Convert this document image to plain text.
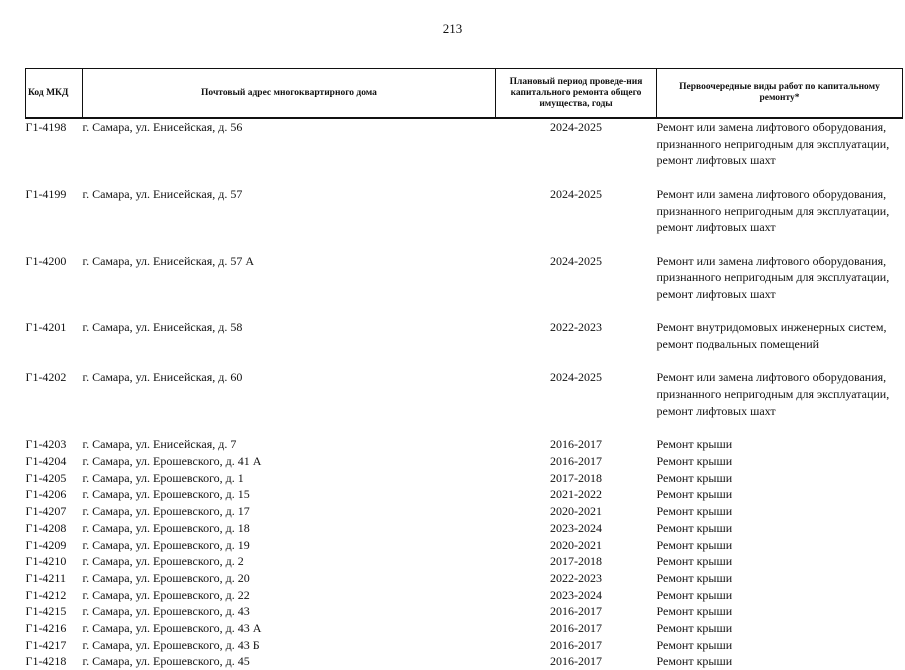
213
Код МКД	Почтовый адрес многоквартирного дома	Плановый период проведе-ния капитального ремонта общего имущества, годы	Первоочередные виды работ по капитальному ремонту*
Г1-4198	г. Самара, ул. Енисейская, д. 56	2024-2025	Ремонт или замена лифтового оборудования,
признанного непригодным для эксплуатации,
ремонт лифтовых шахт

Г1-4199	г. Самара, ул. Енисейская, д. 57	2024-2025	Ремонт или замена лифтового оборудования,
признанного непригодным для эксплуатации,
ремонт лифтовых шахт

Г1-4200	г. Самара, ул. Енисейская, д. 57 А	2024-2025	Ремонт или замена лифтового оборудования,
признанного непригодным для эксплуатации,
ремонт лифтовых шахт

Г1-4201	г. Самара, ул. Енисейская, д. 58	2022-2023	Ремонт внутридомовых инженерных систем,
ремонт подвальных помещений

Г1-4202	г. Самара, ул. Енисейская, д. 60	2024-2025	Ремонт или замена лифтового оборудования,
признанного непригодным для эксплуатации,
ремонт лифтовых шахт

Г1-4203	г. Самара, ул. Енисейская, д. 7	2016-2017	Ремонт крыши

Г1-4204	г. Самара, ул. Ерошевского, д. 41 А	2016-2017	Ремонт крыши

Г1-4205	г. Самара, ул. Ерошевского, д. 1	2017-2018	Ремонт крыши

Г1-4206	г. Самара, ул. Ерошевского, д. 15	2021-2022	Ремонт крыши

Г1-4207	г. Самара, ул. Ерошевского, д. 17	2020-2021	Ремонт крыши

Г1-4208	г. Самара, ул. Ерошевского, д. 18	2023-2024	Ремонт крыши

Г1-4209	г. Самара, ул. Ерошевского, д. 19	2020-2021	Ремонт крыши

Г1-4210	г. Самара, ул. Ерошевского, д. 2	2017-2018	Ремонт крыши

Г1-4211	г. Самара, ул. Ерошевского, д. 20	2022-2023	Ремонт крыши

Г1-4212	г. Самара, ул. Ерошевского, д. 22	2023-2024	Ремонт крыши

Г1-4215	г. Самара, ул. Ерошевского, д. 43	2016-2017	Ремонт крыши

Г1-4216	г. Самара, ул. Ерошевского, д. 43 А	2016-2017	Ремонт крыши

Г1-4217	г. Самара, ул. Ерошевского, д. 43 Б	2016-2017	Ремонт крыши

Г1-4218	г. Самара, ул. Ерошевского, д. 45	2016-2017	Ремонт крыши
